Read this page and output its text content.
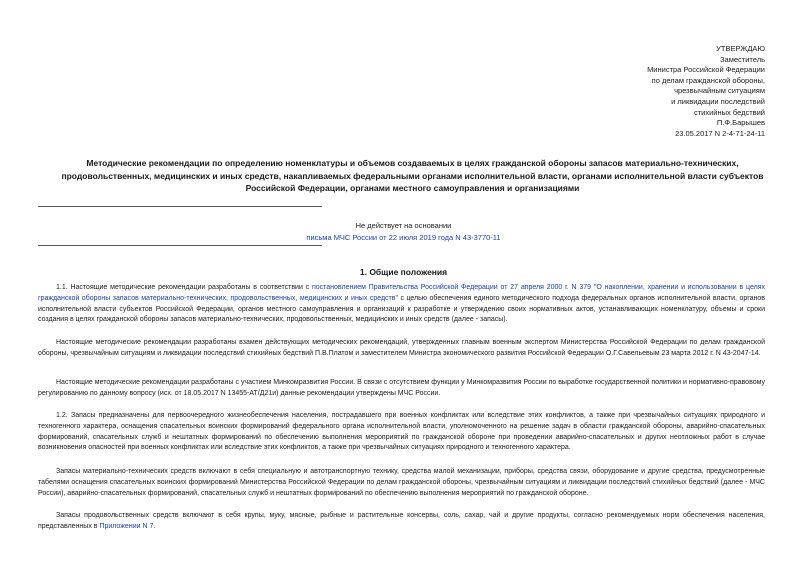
УТВЕРЖДАЮ
Заместитель
Министра Российской Федерации
по делам гражданской обороны,
чрезвычайным ситуациям
и ликвидации последствий
стихийных бедствий
П.Ф.Барышев
23.05.2017 N 2-4-71-24-11
Методические рекомендации по определению номенклатуры и объемов создаваемых в целях гражданской обороны запасов материально-технических,
продовольственных, медицинских и иных средств, накапливаемых федеральными органами исполнительной власти, органами исполнительной власти субъектов
Российской Федерации, органами местного самоуправления и организациями
Не действует на основании
письма МЧС России от 22 июля 2019 года N 43-3770-11
1. Общие положения
1.1. Настоящие методические рекомендации разработаны в соответствии с постановлением Правительства Российской Федерации от 27 апреля 2000 г. N 379 "О накоплении, хранении и использовании в целях гражданской обороны запасов материально-технических, продовольственных, медицинских и иных средств" с целью обеспечения единого методического подхода федеральных органов исполнительной власти, органов исполнительной власти субъектов Российской Федерации, органов местного самоуправления и организаций к разработке и утверждению своих нормативных актов, устанавливающих номенклатуру, объемы и сроки создания в целях гражданской обороны запасов материально-технических, продовольственных, медицинских и иных средств (далее - запасы).
Настоящие методические рекомендации разработаны взамен действующих методических рекомендаций, утвержденных главным военным экспертом Министерства Российской Федерации по делам гражданской обороны, чрезвычайным ситуациям и ликвидации последствий стихийных бедствий П.В.Платом и заместителем Министра экономического развития Российской Федерации О.Г.Савельевым 23 марта 2012 г. N 43-2047-14.
Настоящие методические рекомендации разработаны с участием Минкомразвития России. В связи с отсутствием функции у Минкомразвития России по выработке государственной политики и нормативно-правовому регулированию по данному вопросу (исх. от 18.05.2017 N 13455-АТ/Д21и) данные рекомендации утверждены МЧС России.
1.2. Запасы предназначены для первоочередного жизнеобеспечения населения, пострадавшего при военных конфликтах или вследствие этих конфликтов, а также при чрезвычайных ситуациях природного и техногенного характера, оснащения спасательных воинских формирований федерального органа исполнительной власти, уполномоченного на решение задач в области гражданской обороны, аварийно-спасательных формирований, спасательных служб и нештатных формирований по обеспечению выполнения мероприятий по гражданской обороне при проведении аварийно-спасательных и других неотложных работ в случае возникновения опасностей при военных конфликтах или вследствие этих конфликтов, а также при чрезвычайных ситуациях природного и техногенного характера.
Запасы материально-технических средств включают в себя специальную и автотранспортную технику, средства малой механизации, приборы, средства связи, оборудование и другие средства, предусмотренные табелями оснащения спасательных воинских формирований Министерства Российской Федерации по делам гражданской обороны, чрезвычайным ситуациям и ликвидации последствий стихийных бедствий (далее - МЧС России), аварийно-спасательных формирований, спасательных служб и нештатных формирований по обеспечению выполнения мероприятий по гражданской обороне.
Запасы продовольственных средств включают в себя крупы, муку, мясные, рыбные и растительные консервы, соль, сахар, чай и другие продукты, согласно рекомендуемых норм обеспечения населения, представленных в Приложении N 7.
